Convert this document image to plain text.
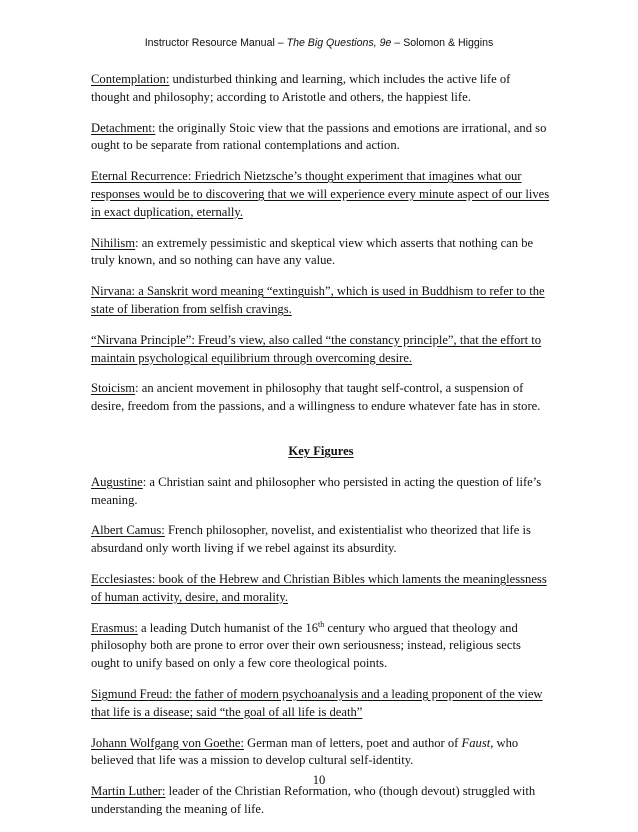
Instructor Resource Manual – The Big Questions, 9e – Solomon & Higgins

Contemplation: undisturbed thinking and learning, which includes the active life of thought and philosophy; according to Aristotle and others, the happiest life.

Detachment: the originally Stoic view that the passions and emotions are irrational, and so ought to be separate from rational contemplations and action.

Eternal Recurrence: Friedrich Nietzsche’s thought experiment that imagines what our responses would be to discovering that we will experience every minute aspect of our lives in exact duplication, eternally.

Nihilism: an extremely pessimistic and skeptical view which asserts that nothing can be truly known, and so nothing can have any value.

Nirvana: a Sanskrit word meaning “extinguish”, which is used in Buddhism to refer to the state of liberation from selfish cravings.

“Nirvana Principle”: Freud’s view, also called “the constancy principle”, that the effort to maintain psychological equilibrium through overcoming desire.

Stoicism: an ancient movement in philosophy that taught self-control, a suspension of desire, freedom from the passions, and a willingness to endure whatever fate has in store.

Key Figures

Augustine: a Christian saint and philosopher who persisted in acting the question of life’s meaning.

Albert Camus: French philosopher, novelist, and existentialist who theorized that life is absurdand only worth living if we rebel against its absurdity.

Ecclesiastes: book of the Hebrew and Christian Bibles which laments the meaninglessness of human activity, desire, and morality.

Erasmus: a leading Dutch humanist of the 16th century who argued that theology and philosophy both are prone to error over their own seriousness; instead, religious sects ought to unify based on only a few core theological points.

Sigmund Freud: the father of modern psychoanalysis and a leading proponent of the view that life is a disease; said “the goal of all life is death”

Johann Wolfgang von Goethe: German man of letters, poet and author of Faust, who believed that life was a mission to develop cultural self-identity.

Martin Luther: leader of the Christian Reformation, who (though devout) struggled with understanding the meaning of life.

10
